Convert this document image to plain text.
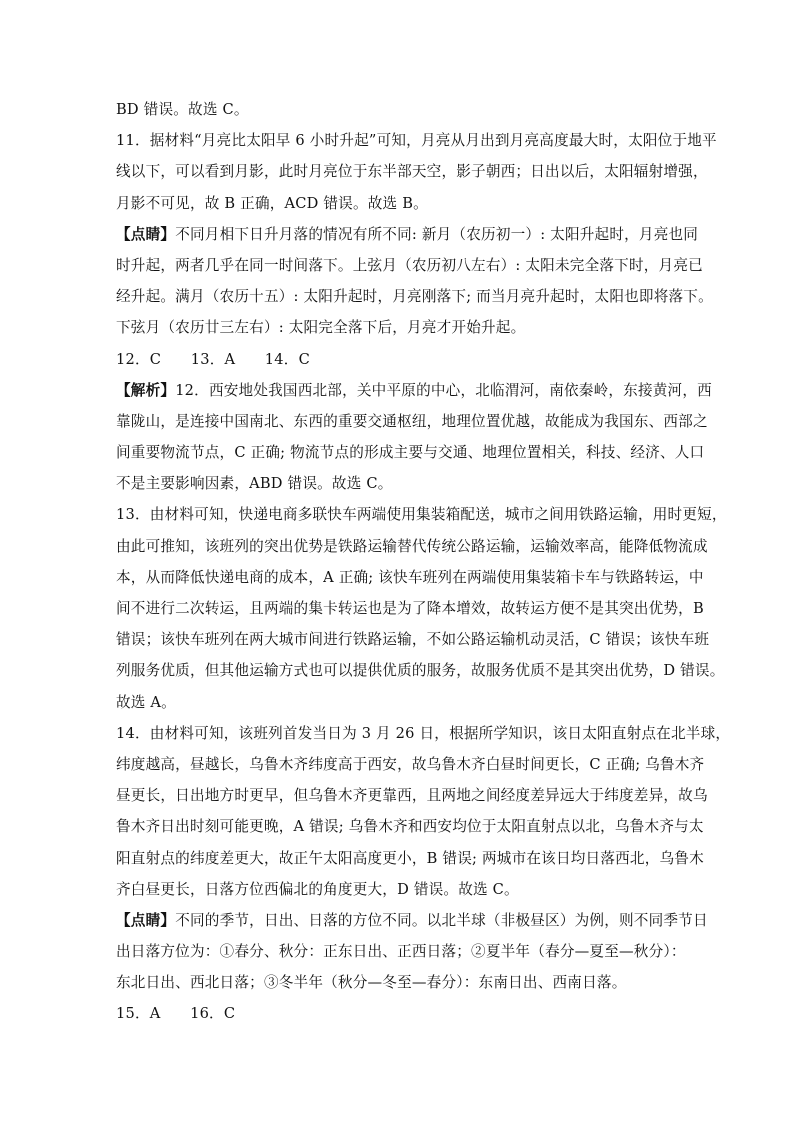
BD 错误。故选 C。
11．据材料“月亮比太阳早 6 小时升起”可知，月亮从月出到月亮高度最大时，太阳位于地平
线以下，可以看到月影，此时月亮位于东半部天空，影子朝西；日出以后，太阳辐射增强，
月影不可见，故 B 正确，ACD 错误。故选 B。
【点睛】不同月相下日升月落的情况有所不同: 新月（农历初一）: 太阳升起时，月亮也同
时升起，两者几乎在同一时间落下。上弦月（农历初八左右）: 太阳未完全落下时，月亮已
经升起。满月（农历十五）: 太阳升起时，月亮刚落下; 而当月亮升起时，太阳也即将落下。
下弦月（农历廿三左右）: 太阳完全落下后，月亮才开始升起。
12．C　　13．A　　14．C
【解析】12．西安地处我国西北部，关中平原的中心，北临渭河，南依秦岭，东接黄河，西
靠陇山，是连接中国南北、东西的重要交通枢纽，地理位置优越，故能成为我国东、西部之
间重要物流节点，C 正确; 物流节点的形成主要与交通、地理位置相关，科技、经济、人口
不是主要影响因素，ABD 错误。故选 C。
13．由材料可知，快递电商多联快车两端使用集装箱配送，城市之间用铁路运输，用时更短，
由此可推知，该班列的突出优势是铁路运输替代传统公路运输，运输效率高，能降低物流成
本，从而降低快递电商的成本，A 正确; 该快车班列在两端使用集装箱卡车与铁路转运，中
间不进行二次转运，且两端的集卡转运也是为了降本增效，故转运方便不是其突出优势，B
错误；该快车班列在两大城市间进行铁路运输，不如公路运输机动灵活，C 错误；该快车班
列服务优质，但其他运输方式也可以提供优质的服务，故服务优质不是其突出优势，D 错误。
故选 A。
14．由材料可知，该班列首发当日为 3 月 26 日，根据所学知识，该日太阳直射点在北半球，
纬度越高，昼越长，乌鲁木齐纬度高于西安，故乌鲁木齐白昼时间更长，C 正确; 乌鲁木齐
昼更长，日出地方时更早，但乌鲁木齐更靠西，且两地之间经度差异远大于纬度差异，故乌
鲁木齐日出时刻可能更晚，A 错误; 乌鲁木齐和西安均位于太阳直射点以北，乌鲁木齐与太
阳直射点的纬度差更大，故正午太阳高度更小，B 错误; 两城市在该日均日落西北，乌鲁木
齐白昼更长，日落方位西偏北的角度更大，D 错误。故选 C。
【点睛】不同的季节，日出、日落的方位不同。以北半球（非极昼区）为例，则不同季节日
出日落方位为：①春分、秋分：正东日出、正西日落；②夏半年（春分—夏至—秋分）：
东北日出、西北日落；③冬半年（秋分—冬至—春分）：东南日出、西南日落。
15．A　　16．C
